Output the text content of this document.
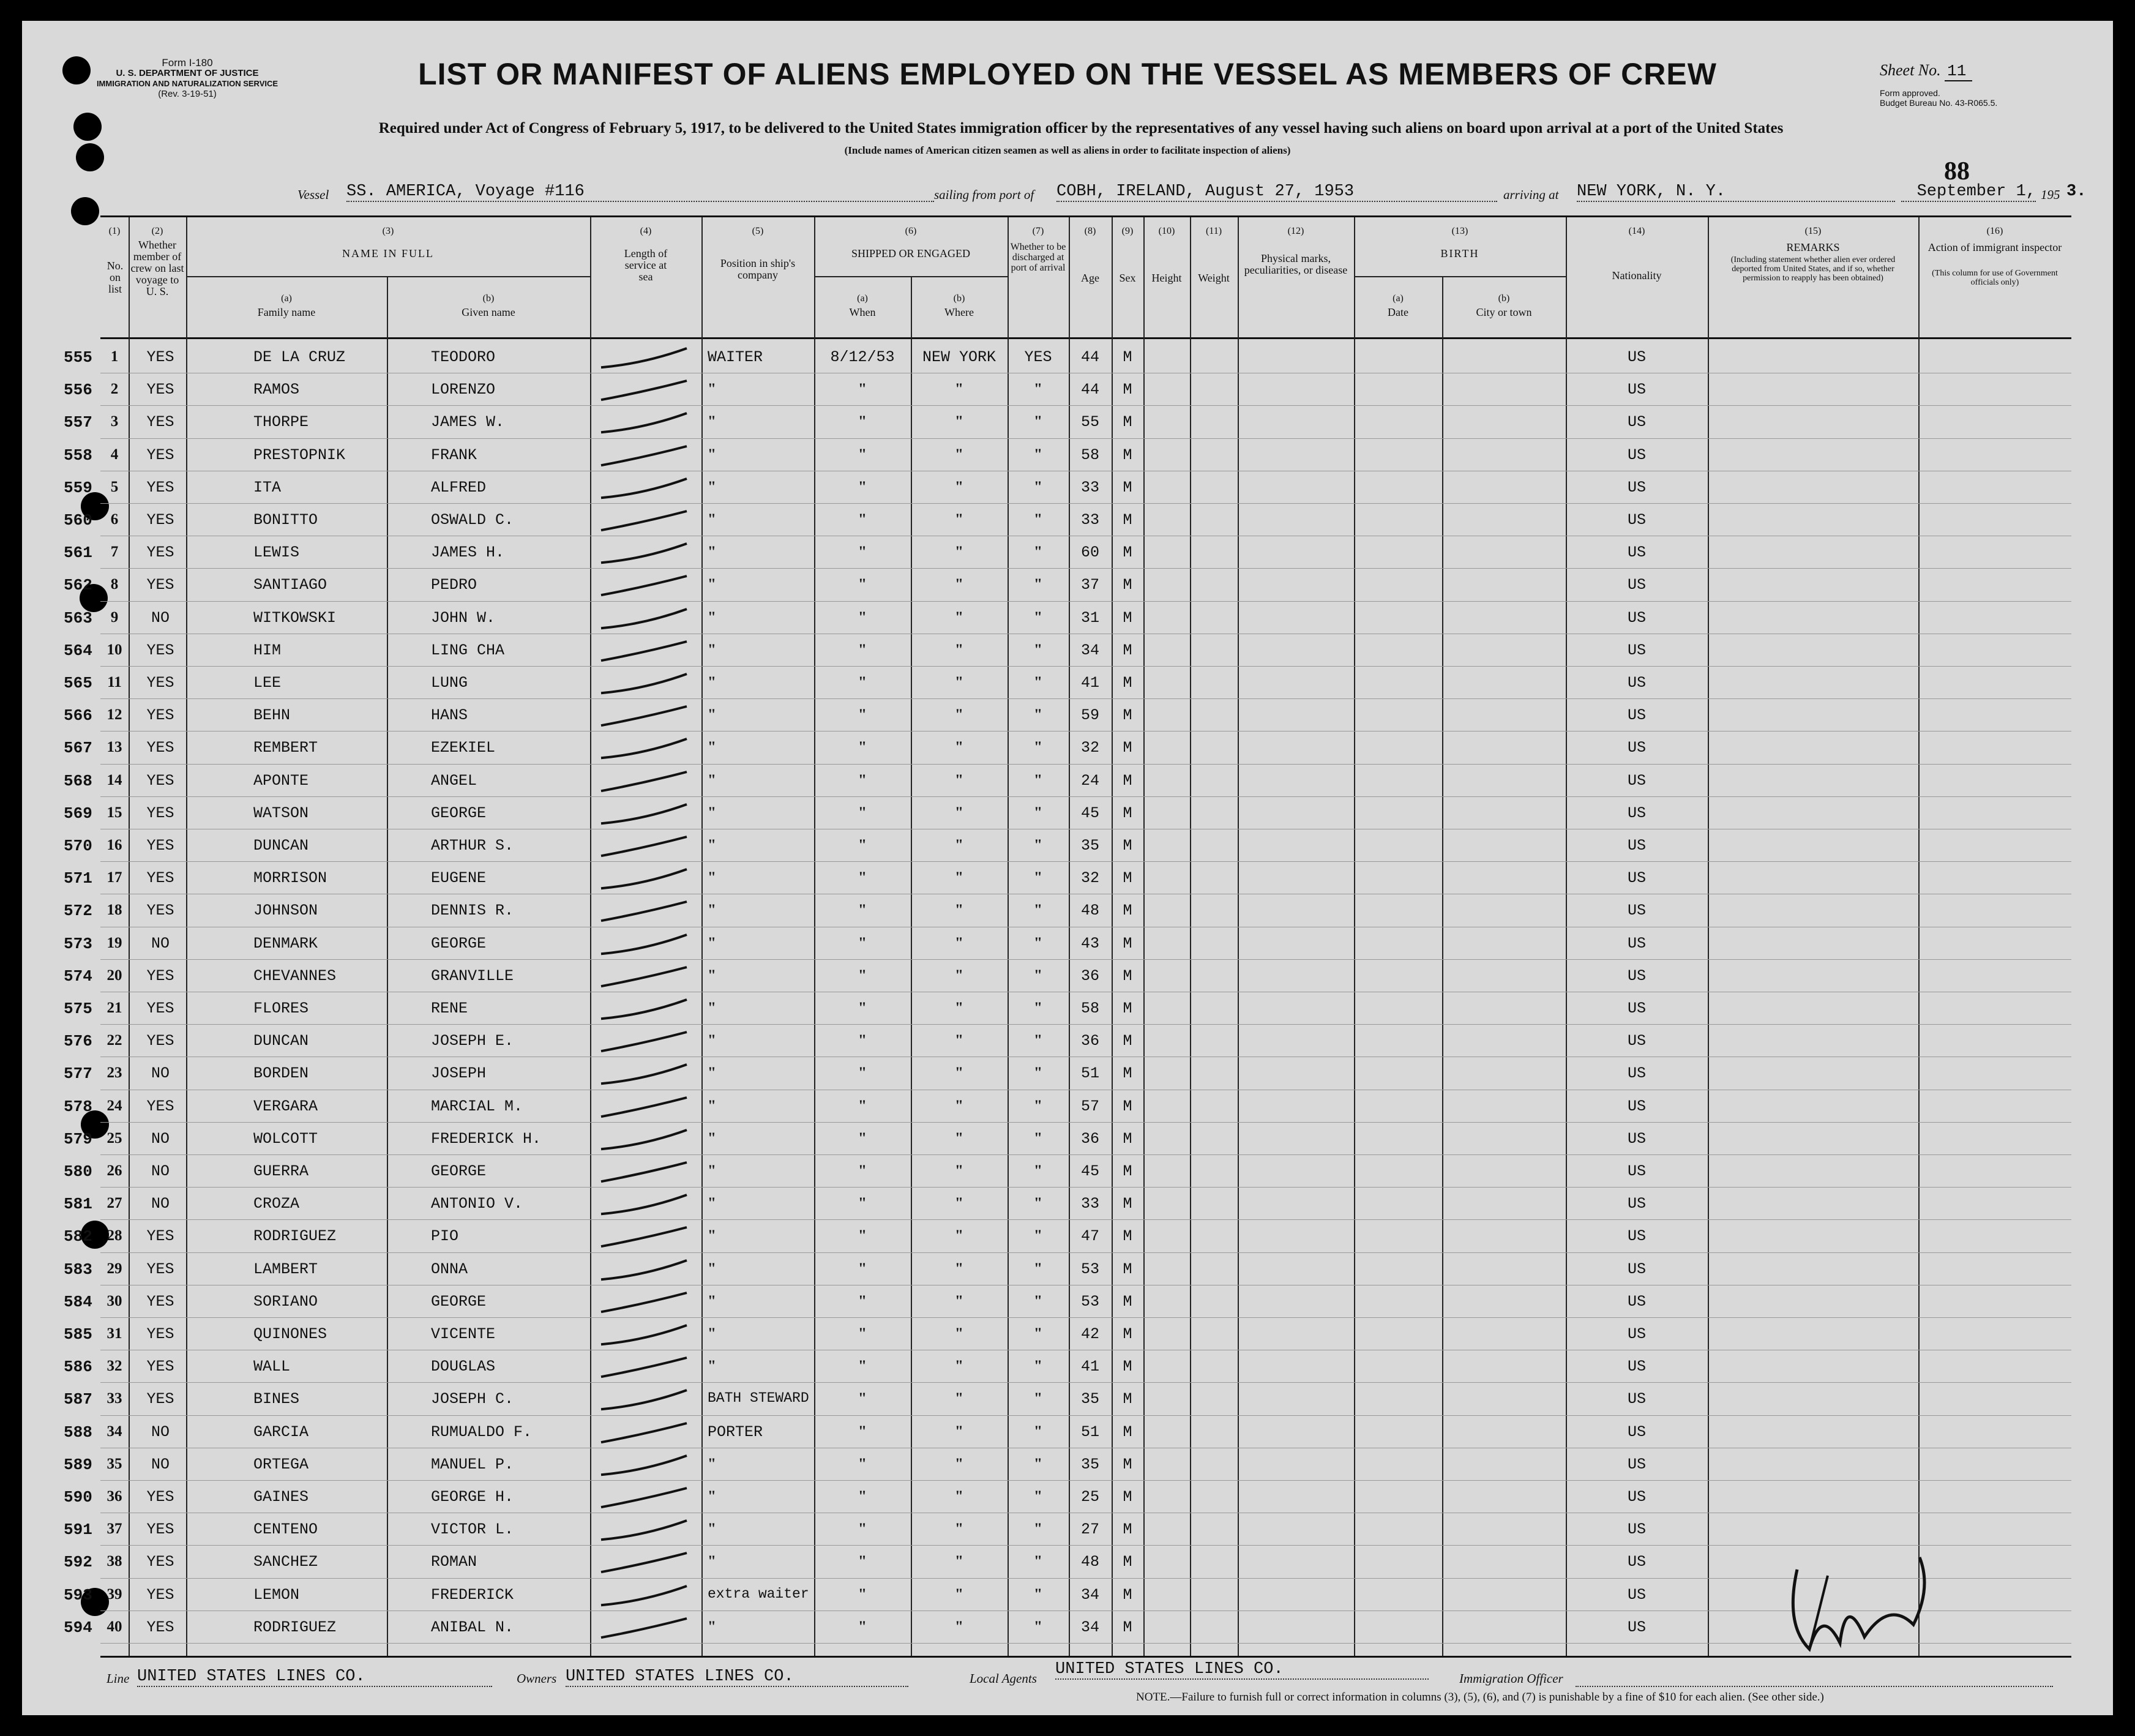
Form I-180
U. S. DEPARTMENT OF JUSTICE
IMMIGRATION AND NATURALIZATION SERVICE
(Rev. 3-19-51)
LIST OR MANIFEST OF ALIENS EMPLOYED ON THE VESSEL AS MEMBERS OF CREW	Sheet No. 11
Form approved.
Budget Bureau No. 43-R065.5.
Required under Act of Congress of February 5, 1917, to be delivered to the United States immigration officer by the representatives of any vessel having such aliens on board upon arrival at a port of the United States
(Include names of American citizen seamen as well as aliens in order to facilitate inspection of aliens)
88
Vessel SS. AMERICA, Voyage #116	sailing from port of COBH, IRELAND, August 27, 1953	arriving at NEW YORK, N. Y.	September 1, 195 3.
(1)
No. on list
(2)
Whether member of crew on last voyage to U. S.
(3)
NAME IN FULL
(a)
Family name
(b)
Given name
(4)
Length of service at sea
(5)
Position in ship's company
(6)
SHIPPED OR ENGAGED
(a)
When
(b)
Where
(7)
Whether to be discharged at port of arrival
(8)
Age
(9)
Sex
(10)
Height
(11)
Weight
(12)
Physical marks, peculiarities, or disease
(13)
BIRTH
(a)
Date
(b)
City or town
(14)
Nationality
(15)
REMARKS
(Including statement whether alien ever ordered deported from United States, and if so, whether permission to reapply has been obtained)
(16)
Action of immigrant inspector
(This column for use of Government officials only)
555	1	YES	DE LA CRUZ	TEODORO	WAITER	8/12/53	NEW YORK	YES	44	M	US
556	2	YES	RAMOS	LORENZO	"	"	"	"	44	M	US
557	3	YES	THORPE	JAMES W.	"	"	"	"	55	M	US
558	4	YES	PRESTOPNIK	FRANK	"	"	"	"	58	M	US
559	5	YES	ITA	ALFRED	"	"	"	"	33	M	US
560	6	YES	BONITTO	OSWALD C.	"	"	"	"	33	M	US
561	7	YES	LEWIS	JAMES H.	"	"	"	"	60	M	US
562	8	YES	SANTIAGO	PEDRO	"	"	"	"	37	M	US
563	9	NO	WITKOWSKI	JOHN W.	"	"	"	"	31	M	US
564 10	YES	HIM	LING CHA	"	"	"	"	34	M	US
565 11	YES	LEE	LUNG	"	"	"	"	41	M	US
566 12	YES	BEHN	HANS	"	"	"	"	59	M	US
567 13	YES	REMBERT	EZEKIEL	"	"	"	"	32	M	US
568 14	YES	APONTE	ANGEL	"	"	"	"	24	M	US
569 15	YES	WATSON	GEORGE	"	"	"	"	45	M	US
570 16	YES	DUNCAN	ARTHUR S.	"	"	"	"	35	M	US
571 17	YES	MORRISON	EUGENE	"	"	"	"	32	M	US
572 18	YES	JOHNSON	DENNIS R.	"	"	"	"	48	M	US
573 19	NO	DENMARK	GEORGE	"	"	"	"	43	M	US
574 20	YES	CHEVANNES	GRANVILLE	"	"	"	"	36	M	US
575 21	YES	FLORES	RENE	"	"	"	"	58	M	US
576 22	YES	DUNCAN	JOSEPH E.	"	"	"	"	36	M	US
577 23	NO	BORDEN	JOSEPH	"	"	"	"	51	M	US
578 24	YES	VERGARA	MARCIAL M.	"	"	"	"	57	M	US
579 25	NO	WOLCOTT	FREDERICK H.	"	"	"	"	36	M	US
580 26	NO	GUERRA	GEORGE	"	"	"	"	45	M	US
581 27	NO	CROZA	ANTONIO V.	"	"	"	"	33	M	US
582 28	YES	RODRIGUEZ	PIO	"	"	"	"	47	M	US
583 29	YES	LAMBERT	ONNA	"	"	"	"	53	M	US
584 30	YES	SORIANO	GEORGE	"	"	"	"	53	M	US
585 31	YES	QUINONES	VICENTE	"	"	"	"	42	M	US
586 32	YES	WALL	DOUGLAS	"	"	"	"	41	M	US
587 33	YES	BINES	JOSEPH C.	BATH STEWARD	"	"	"	35	M	US
588 34	NO	GARCIA	RUMUALDO F.	PORTER	"	"	"	51	M	US
589 35	NO	ORTEGA	MANUEL P.	"	"	"	"	35	M	US
590 36	YES	GAINES	GEORGE H.	"	"	"	"	25	M	US
591 37	YES	CENTENO	VICTOR L.	"	"	"	"	27	M	US
592 38	YES	SANCHEZ	ROMAN	"	"	"	"	48	M	US
593 39	YES	LEMON	FREDERICK	extra waiter	"	"	"	34	M	US
594 40	YES	RODRIGUEZ	ANIBAL N.	"	"	"	"	34	M	US
Line UNITED STATES LINES CO.	Owners UNITED STATES LINES CO.	Local Agents UNITED STATES LINES CO.	Immigration Officer
NOTE.—Failure to furnish full or correct information in columns (3), (5), (6), and (7) is punishable by a fine of $10 for each alien. (See other side.)
